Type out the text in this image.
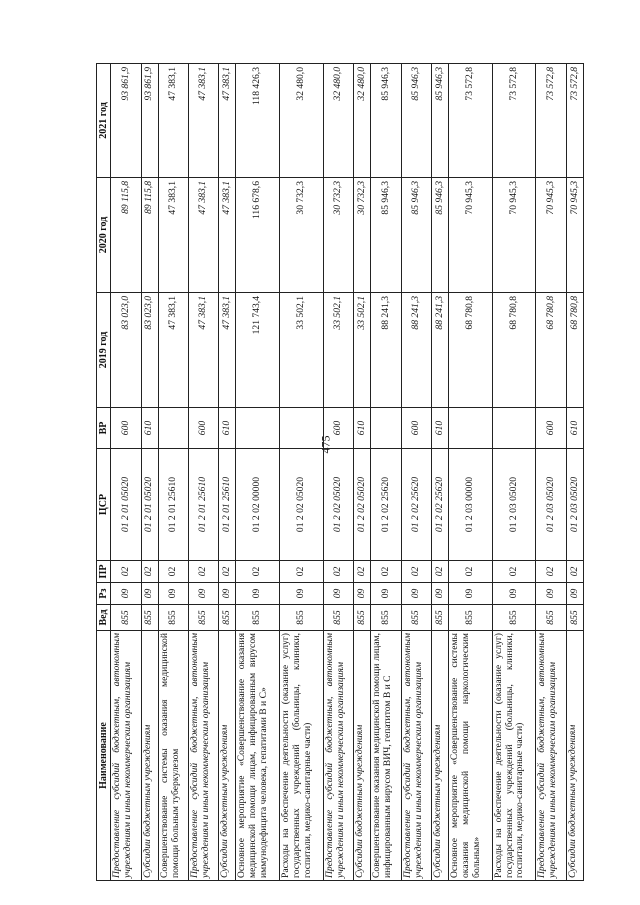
475
Наименование	Вед	Рз	ПР	ЦСР	ВР	2019 год	2020 год	2021 год
Предоставление субсидий бюджетным, автономным учреждениям и иным некоммерческим организациям	855	09	02	01 2 01 05020	600	83 023,0	89 115,8	93 861,9
Субсидии бюджетным учреждениям	855	09	02	01 2 01 05020	610	83 023,0	89 115,8	93 861,9
Совершенствование системы оказания медицинской помощи больным туберкулезом	855	09	02	01 2 01 25610		47 383,1	47 383,1	47 383,1
Предоставление субсидий бюджетным, автономным учреждениям и иным некоммерческим организациям	855	09	02	01 2 01 25610	600	47 383,1	47 383,1	47 383,1
Субсидии бюджетным учреждениям	855	09	02	01 2 01 25610	610	47 383,1	47 383,1	47 383,1
Основное мероприятие «Совершенствование оказания медицинской помощи лицам, инфицированным вирусом иммунодефицита человека, гепатитами В и С»	855	09	02	01 2 02 00000		121 743,4	116 678,6	118 426,3
Расходы на обеспечение деятельности (оказание услуг) государственных учреждений (больницы, клиники, госпитали, медико-санитарные части)	855	09	02	01 2 02 05020		33 502,1	30 732,3	32 480,0
Предоставление субсидий бюджетным, автономным учреждениям и иным некоммерческим организациям	855	09	02	01 2 02 05020	600	33 502,1	30 732,3	32 480,0
Субсидии бюджетным учреждениям	855	09	02	01 2 02 05020	610	33 502,1	30 732,3	32 480,0
Совершенствование оказания медицинской помощи лицам, инфицированным вирусом ВИЧ, гепатитом В и С	855	09	02	01 2 02 25620		88 241,3	85 946,3	85 946,3
Предоставление субсидий бюджетным, автономным учреждениям и иным некоммерческим организациям	855	09	02	01 2 02 25620	600	88 241,3	85 946,3	85 946,3
Субсидии бюджетным учреждениям	855	09	02	01 2 02 25620	610	88 241,3	85 946,3	85 946,3
Основное мероприятие «Совершенствование системы оказания медицинской помощи наркологическим больным»	855	09	02	01 2 03 00000		68 780,8	70 945,3	73 572,8
Расходы на обеспечение деятельности (оказание услуг) государственных учреждений (больницы, клиники, госпитали, медико-санитарные части)	855	09	02	01 2 03 05020		68 780,8	70 945,3	73 572,8
Предоставление субсидий бюджетным, автономным учреждениям и иным некоммерческим организациям	855	09	02	01 2 03 05020	600	68 780,8	70 945,3	73 572,8
Субсидии бюджетным учреждениям	855	09	02	01 2 03 05020	610	68 780,8	70 945,3	73 572,8
